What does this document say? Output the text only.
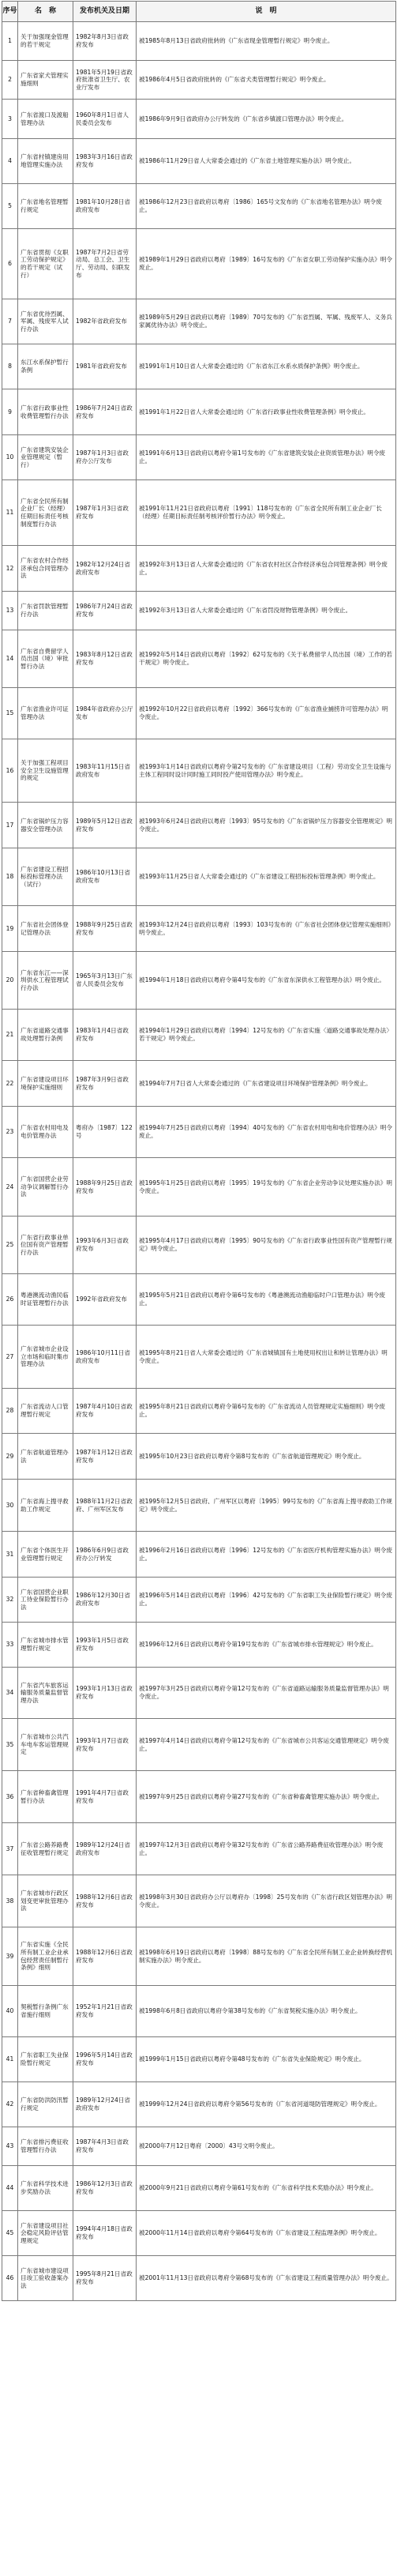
序号	名　称	发布机关及日期	说　明
1	关于加强现金管理的若干规定	1982年8月3日省政府发布	被1985年8月13日省政府批转的《广东省现金管理暂行规定》明令废止。
2	广东省家犬管理实施细则	1981年5月19日省政府批准省卫生厅、农业厅发布	被1986年4月5日省政府批转的《广东省犬类管理暂行规定》明令废止。
3	广东省渡口及渡船管理办法	1960年8月1日省人民委员会发布	被1986年9月9日省政府办公厅转发的《广东省乡镇渡口管理办法》明令废止。
4	广东省村镇建房用地管理实施办法	1983年3月16日省政府发布	被1986年11月29日省人大常委会通过的《广东省土地管理实施办法》明令废止。
5	广东省地名管理暂行规定	1981年10月28日省政府发布	被1986年12月23日省政府以粤府〔1986〕165号文发布的《广东省地名管理办法》明令废止。
6	广东省贯彻《女职工劳动保护规定》的若干规定（试行）	1987年7月2日省劳动局、总工会、卫生厅、劳动局、妇联发布	被1989年1月29日省政府以粤府〔1989〕16号发布的《广东省女职工劳动保护实施办法》明令废止。
7	广东省优待烈属、军属、残废军人试行办法	1982年省政府发布	被1989年5月29日省政府以粤府〔1989〕70号发布的《广东省烈属、军属、残废军人、义务兵家属优待办法》明令废止。
8	东江水系保护暂行条例	1981年省政府发布	被1991年1月10日省人大常委会通过的《广东省东江水系水质保护条例》明令废止。
9	广东省行政事业性收费管理暂行办法	1986年7月24日省政府发布	被1991年1月22日省人大常委会通过的《广东省行政事业性收费管理条例》明令废止。
10	广东省建筑安装企业管理规定（暂行）	1987年1月3日省政府办公厅发布	被1991年6月13日省政府以粤府令第1号发布的《广东省建筑安装企业资质管理办法》明令废止。
11	广东省全民所有制企业厂长（经理）任期目标责任考核制度暂行办法	1987年1月3日省政府发布	被1991年11月21日省政府以粤府〔1991〕118号发布的《广东省全民所有制工业企业厂长（经理）任期目标责任制考核评价暂行办法》明令废止。
12	广东省农村合作经济承包合同管理办法	1982年12月24日省政府发布	被1992年3月13日省人大常委会通过的《广东省农村社区合作经济承包合同管理条例》明令废止。
13	广东省罚款管理暂行办法	1986年7月24日省政府发布	被1992年3月13日省人大常委会通过的《广东省罚没财物管理条例》明令废止。
14	广东省自费留学人员出国（境）审批暂行办法	1983年8月12日省政府发布	被1992年5月14日省政府以粤府〔1992〕62号发布的《关于私费留学人员出国（境）工作的若干规定》明令废止。
15	广东省渔业许可证管理办法	1984年省政府办公厅发布	被1992年10月22日省政府以粤府〔1992〕366号发布的《广东省渔业捕捞许可管理办法》明令废止。
16	关于加强工程项目安全卫生设施管理的规定	1983年11月15日省政府发布	被1993年1月14日省政府以粤府令第2号发布的《广东省建设项目（工程）劳动安全卫生设施与主体工程同时设计同时施工同时投产使用管理办法》明令废止。
17	广东省锅炉压力容器安全管理办法	1989年5月12日省政府发布	被1993年6月24日省政府以粤府〔1993〕95号发布的《广东省锅炉压力容器安全管理规定》明令废止。
18	广东省建设工程招标投标管理办法（试行）	1986年10月13日省政府发布	被1993年11月25日省人大常委会通过的《广东省建设工程招标投标管理条例》明令废止。
19	广东省社会团体登记管理办法	1988年9月25日省政府发布	被1993年12月24日省政府以粤府〔1993〕103号发布的《广东省社会团体登记管理实施细则》明令废止。
20	广东省东江——深圳供水工程管理试行办法	1965年3月13日广东省人民委员会发布	被1994年1月18日省政府以粤府令第4号发布的《广东省东深供水工程管理办法》明令废止。
21	广东省道路交通事故处理暂行条例	1983年1月4日省政府发布	被1994年1月29日省政府以粤府〔1994〕12号发布的《广东省实施〈道路交通事故处理办法〉若干规定》明令废止。
22	广东省建设项目环境保护实施细则	1987年3月9日省政府发布	被1994年7月7日省人大常委会通过的《广东省建设项目环境保护管理条例》明令废止。
23	广东省农村用电及电价管理办法	粤府办〔1987〕122号	被1994年7月25日省政府以粤府〔1994〕40号发布的《广东省农村用电和电价管理办法》明令废止。
24	广东省国营企业劳动争议调解暂行办法	1988年9月25日省政府发布	被1995年1月25日省政府以粤府〔1995〕19号发布的《广东省企业劳动争议处理实施办法》明令废止。
25	广东省行政事业单位国有资产管理暂行办法	1993年6月3日省政府发布	被1995年4月17日省政府以粤府〔1995〕90号发布的《广东省行政事业性国有资产管理暂行规定》明令废止。
26	粤港澳流动渔民临时证管理暂行办法	1992年省政府发布	被1995年5月21日省政府以粤府令第6号发布的《粤港澳流动渔船临时户口管理办法》明令废止。
27	广东省城市企业设立市场和临时集市管理办法	1986年10月11日省政府发布	被1995年8月21日省人大常委会通过的《广东省城镇国有土地使用权出让和转让管理办法》明令废止。
28	广东省流动人口管理暂行规定	1987年4月10日省政府发布	被1995年8月21日省政府以粤府令第6号发布的《广东省流动人员管理规定实施细则》明令废止。
29	广东省航道管理办法	1987年1月12日省政府发布	被1995年10月23日省政府以粤府令第8号发布的《广东省航道管理规定》明令废止。
30	广东省海上搜寻救助工作规定	1988年11月2日省政府、广州军区发布	被1995年12月5日省政府、广州军区以粤府〔1995〕99号发布的《广东省海上搜寻救助工作规定》明令废止。
31	广东省个体医生开业管理暂行规定	1986年6月9日省政府办公厅转发	被1996年2月16日省政府以粤府〔1996〕12号发布的《广东省医疗机构管理实施办法》明令废止。
32	广东省国营企业职工待业保险暂行办法	1986年12月30日省政府发布	被1996年5月14日省政府以粤府〔1996〕42号发布的《广东省职工失业保险暂行规定》明令废止。
33	广东省城市排水管理暂行规定	1993年1月5日省政府发布	被1996年12月6日省政府以粤府令第19号发布的《广东省城市排水管理规定》明令废止。
34	广东省汽车旅客运输服务质量监督管理办法	1993年1月13日省政府发布	被1997年3月25日省政府以粤府令第12号发布的《广东省道路运输服务质量监督管理办法》明令废止。
35	广东省城市公共汽车电车客运管理规定	1993年1月7日省政府发布	被1997年4月14日省政府以粤府令第12号发布的《广东省城市公共客运交通管理规定》明令废止。
36	广东省种畜禽管理暂行办法	1991年4月7日省政府发布	被1997年9月25日省政府以粤府令第27号发布的《广东省种畜禽管理实施办法》明令废止。
37	广东省公路养路费征收管理暂行规定	1989年12月24日省政府发布	被1997年12月3日省政府以粤府令第32号发布的《广东省公路养路费征收管理办法》明令废止。
38	广东省城市行政区划变更审批管理办法	1988年12月6日省政府发布	被1998年3月30日省政府办公厅以粤府办〔1998〕25号发布的《广东省行政区划管理办法》明令废止。
39	广东省实施《全民所有制工业企业承包经营责任制暂行条例》细则	1988年12月6日省政府发布	被1998年6月19日省政府以粤府〔1998〕88号发布的《广东省全民所有制工业企业转换经营机制实施办法》明令废止。
40	契税暂行条例广东省施行细则	1952年1月21日省政府发布	被1998年6月8日省政府以粤府令第38号发布的《广东省契税实施办法》明令废止。
41	广东省职工失业保险暂行规定	1996年5月14日省政府发布	被1999年1月15日省政府以粤府令第48号发布的《广东省失业保险规定》明令废止。
42	广东省防洪防汛暂行规定	1989年12月24日省政府发布	被1999年12月24日省政府以粤府令第56号发布的《广东省河道堤防管理规定》明令废止。
43	广东省排污费征收管理暂行办法	1987年4月3日省政府发布	被2000年7月12日粤府〔2000〕43号文明令废止。
44	广东省科学技术进步奖励办法	1986年12月3日省政府发布	被2000年9月21日省政府以粤府令第61号发布的《广东省科学技术奖励办法》明令废止。
45	广东省建设项目社会稳定风险评估管理规定	1994年4月18日省政府发布	被2000年11月14日省政府以粤府令第64号发布的《广东省建设工程监理条例》明令废止。
46	广东省城市建设项目竣工验收备案办法	1995年8月21日省政府发布	被2001年11月13日省政府以粤府令第68号发布的《广东省建设工程质量管理办法》明令废止。
